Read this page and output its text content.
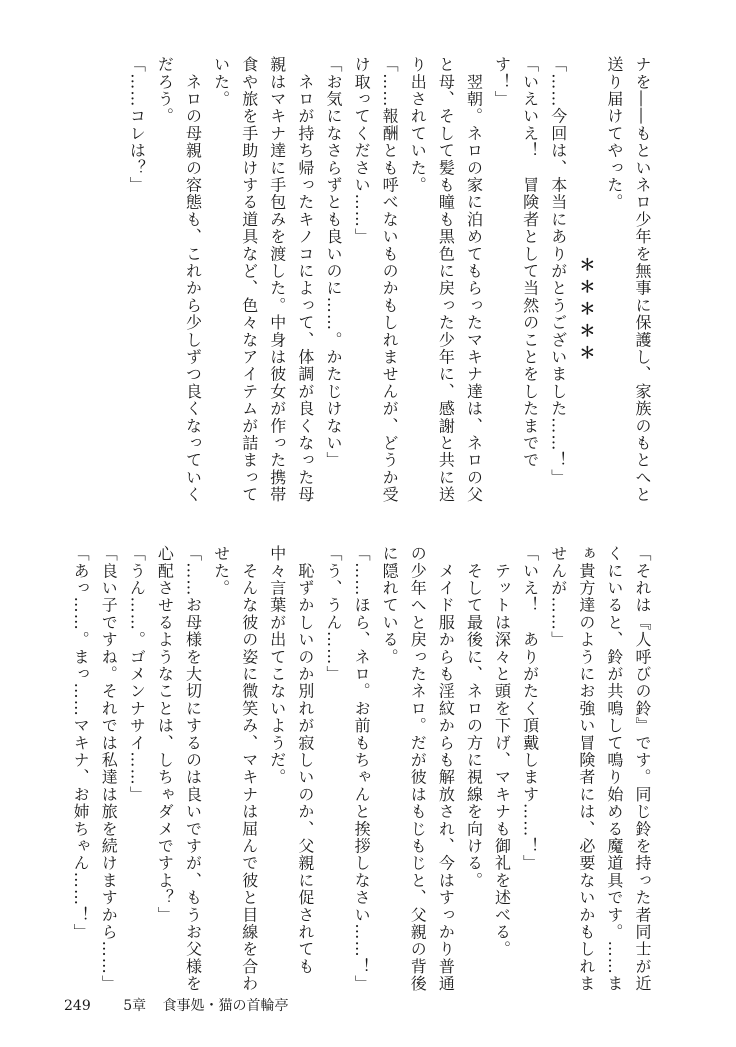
ナを――もといネロ少年を無事に保護し、家族のもとへと
送り届けてやった。
＊＊＊＊＊
「……今回は、本当にありがとうございました……！」
「いえいえ！　冒険者として当然のことをしたまでで
す！」
　翌朝。ネロの家に泊めてもらったマキナ達は、ネロの父
と母、そして髪も瞳も黒色に戻った少年に、感謝と共に送
り出されていた。
「……報酬とも呼べないものかもしれませんが、どうか受
け取ってください……」
「お気になさらずとも良いのに……。かたじけない」
　ネロが持ち帰ったキノコによって、体調が良くなった母
親はマキナ達に手包みを渡した。中身は彼女が作った携帯
食や旅を手助けする道具など、色々なアイテムが詰まって
いた。
　ネロの母親の容態も、これから少しずつ良くなっていく
だろう。
「……コレは？」
「それは『人呼びの鈴』です。同じ鈴を持った者同士が近
くにいると、鈴が共鳴して鳴り始める魔道具です。……ま
ぁ貴方達のようにお強い冒険者には、必要ないかもしれま
せんが……」
「いえ！　ありがたく頂戴します……！」
　テットは深々と頭を下げ、マキナも御礼を述べる。
　そして最後に、ネロの方に視線を向ける。
　メイド服からも淫紋からも解放され、今はすっかり普通
の少年へと戻ったネロ。だが彼はもじもじと、父親の背後
に隠れている。
「……ほら、ネロ。お前もちゃんと挨拶しなさい……！」
「う、うん……」
　恥ずかしいのか別れが寂しいのか、父親に促されても
中々言葉が出てこないようだ。
　そんな彼の姿に微笑み、マキナは屈んで彼と目線を合わ
せた。
「……お母様を大切にするのは良いですが、もうお父様を
心配させるようなことは、しちゃダメですよ？」
「うん……。ゴメンナサイ……」
「良い子ですね。それでは私達は旅を続けますから……」
「あっ……。まっ……マキナ、お姉ちゃん……！」
249 5章 食事処・猫の首輪亭
